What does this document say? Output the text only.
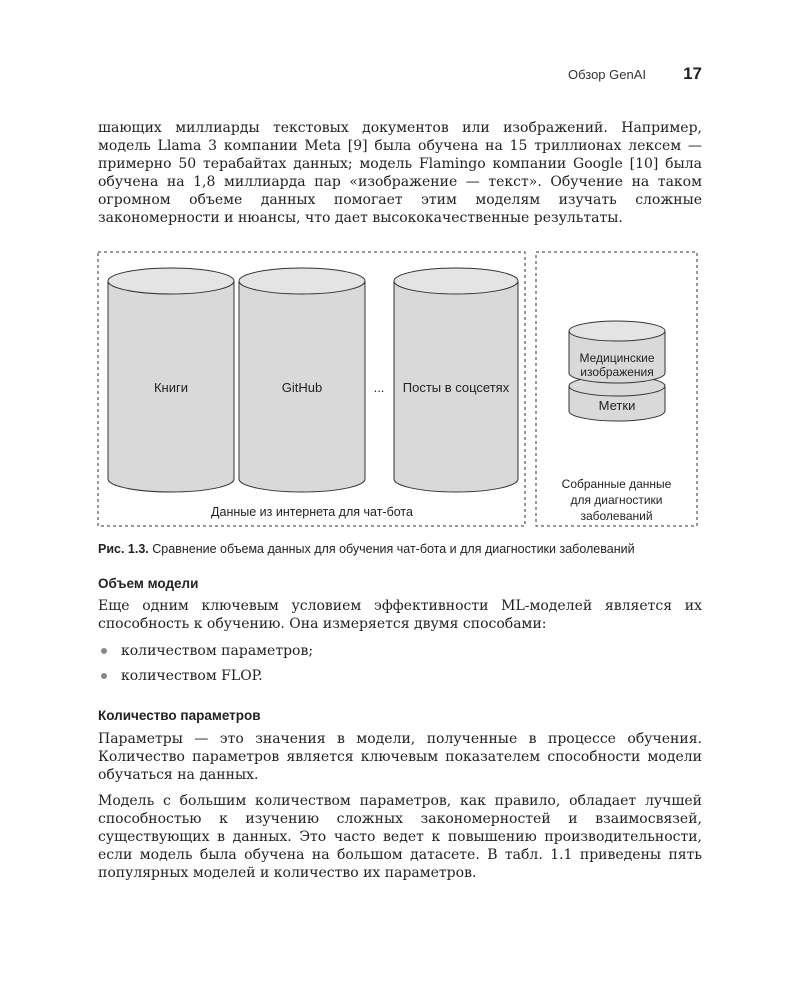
Обзор GenAI 17

шающих миллиарды текстовых документов или изображений. Например, модель Llama 3 компании Meta [9] была обучена на 15 триллионах лексем — примерно 50 терабайтах данных; модель Flamingo компании Google [10] была обучена на 1,8 миллиарда пар «изображение — текст». Обучение на таком огромном объеме данных помогает этим моделям изучать сложные закономерности и нюансы, что дает высококачественные результаты.

Книги	GitHub	...	Посты в соцсетях
Медицинские изображения
Метки
Данные из интернета для чат-бота
Собранные данные
для диагностики
заболеваний
Рис. 1.3. Сравнение объема данных для обучения чат-бота и для диагностики заболеваний
Объем модели

Еще одним ключевым условием эффективности ML-моделей является их способность к обучению. Она измеряется двумя способами:

количеством параметров;
количеством FLOP.
Количество параметров

Параметры — это значения в модели, полученные в процессе обучения. Количество параметров является ключевым показателем способности модели обучаться на данных.

Модель с большим количеством параметров, как правило, обладает лучшей способностью к изучению сложных закономерностей и взаимосвязей, существующих в данных. Это часто ведет к повышению производительности, если модель была обучена на большом датасете. В табл. 1.1 приведены пять популярных моделей и количество их параметров.
